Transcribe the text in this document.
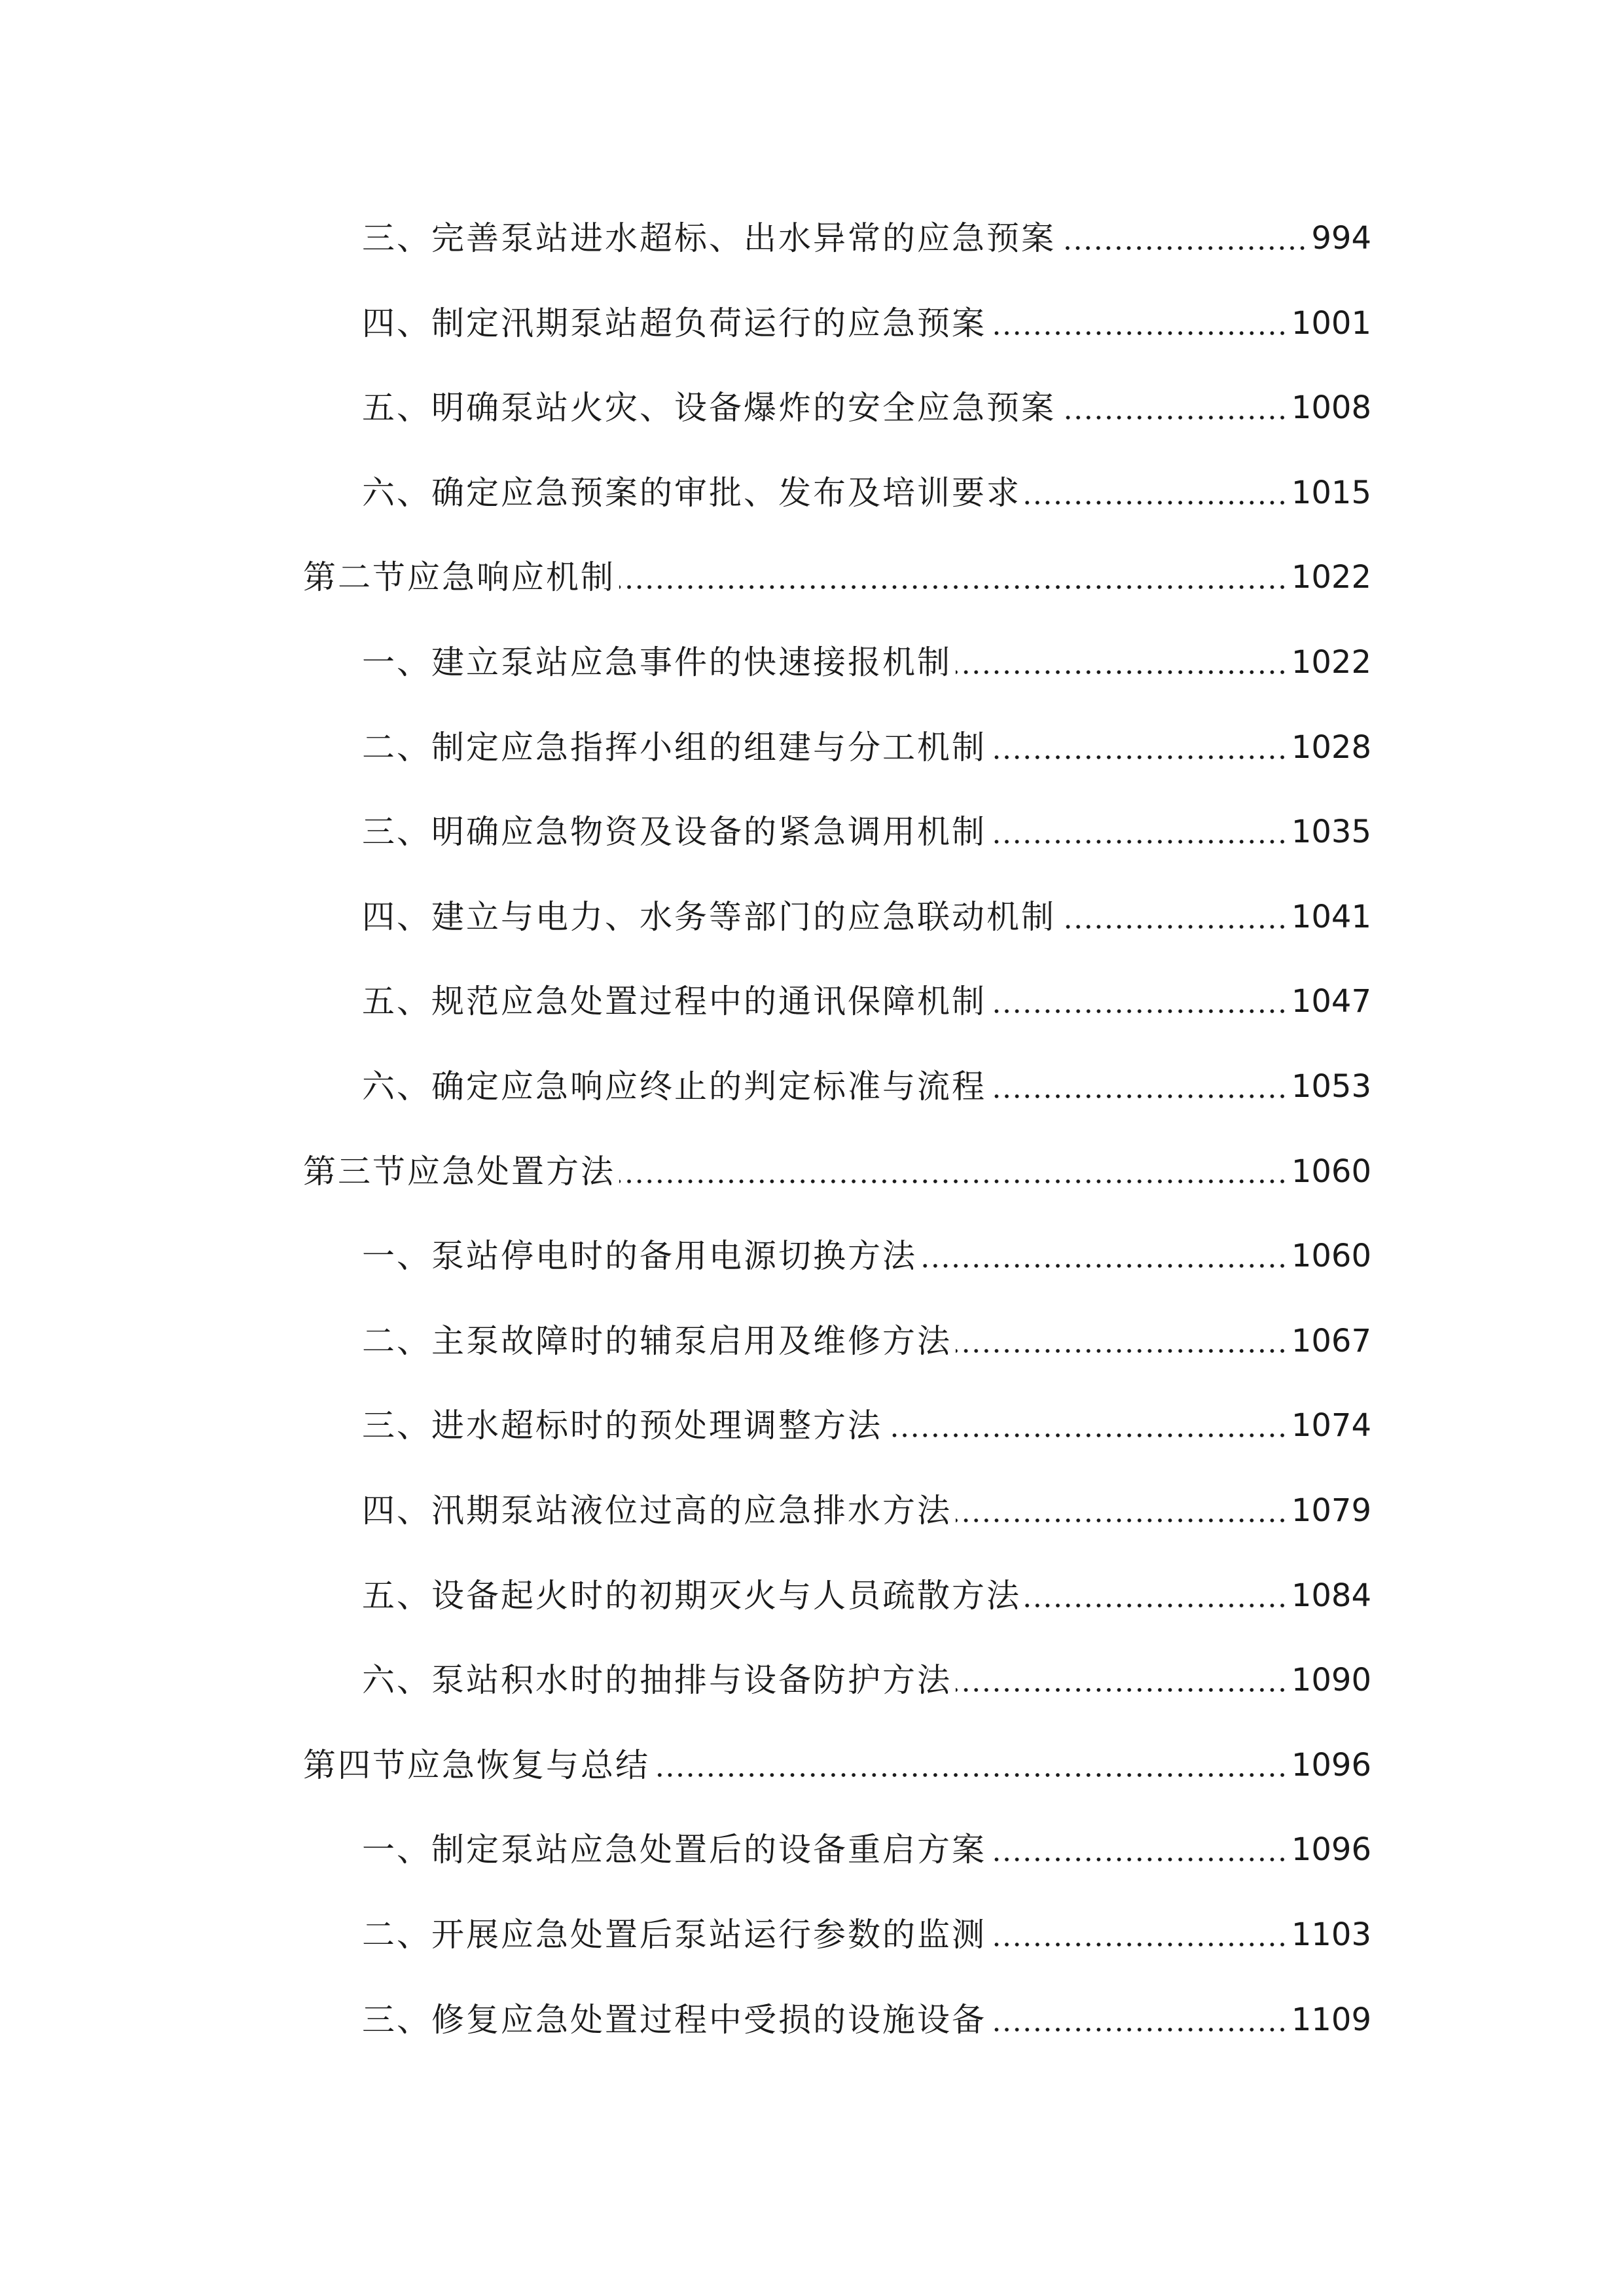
三、完善泵站进水超标、出水异常的应急预案	994
四、制定汛期泵站超负荷运行的应急预案	1001
五、明确泵站火灾、设备爆炸的安全应急预案	1008
六、确定应急预案的审批、发布及培训要求	1015
第二节应急响应机制	1022
一、建立泵站应急事件的快速接报机制	1022
二、制定应急指挥小组的组建与分工机制	1028
三、明确应急物资及设备的紧急调用机制	1035
四、建立与电力、水务等部门的应急联动机制	1041
五、规范应急处置过程中的通讯保障机制	1047
六、确定应急响应终止的判定标准与流程	1053
第三节应急处置方法	1060
一、泵站停电时的备用电源切换方法	1060
二、主泵故障时的辅泵启用及维修方法	1067
三、进水超标时的预处理调整方法	1074
四、汛期泵站液位过高的应急排水方法	1079
五、设备起火时的初期灭火与人员疏散方法	1084
六、泵站积水时的抽排与设备防护方法	1090
第四节应急恢复与总结	1096
一、制定泵站应急处置后的设备重启方案	1096
二、开展应急处置后泵站运行参数的监测	1103
三、修复应急处置过程中受损的设施设备	1109
